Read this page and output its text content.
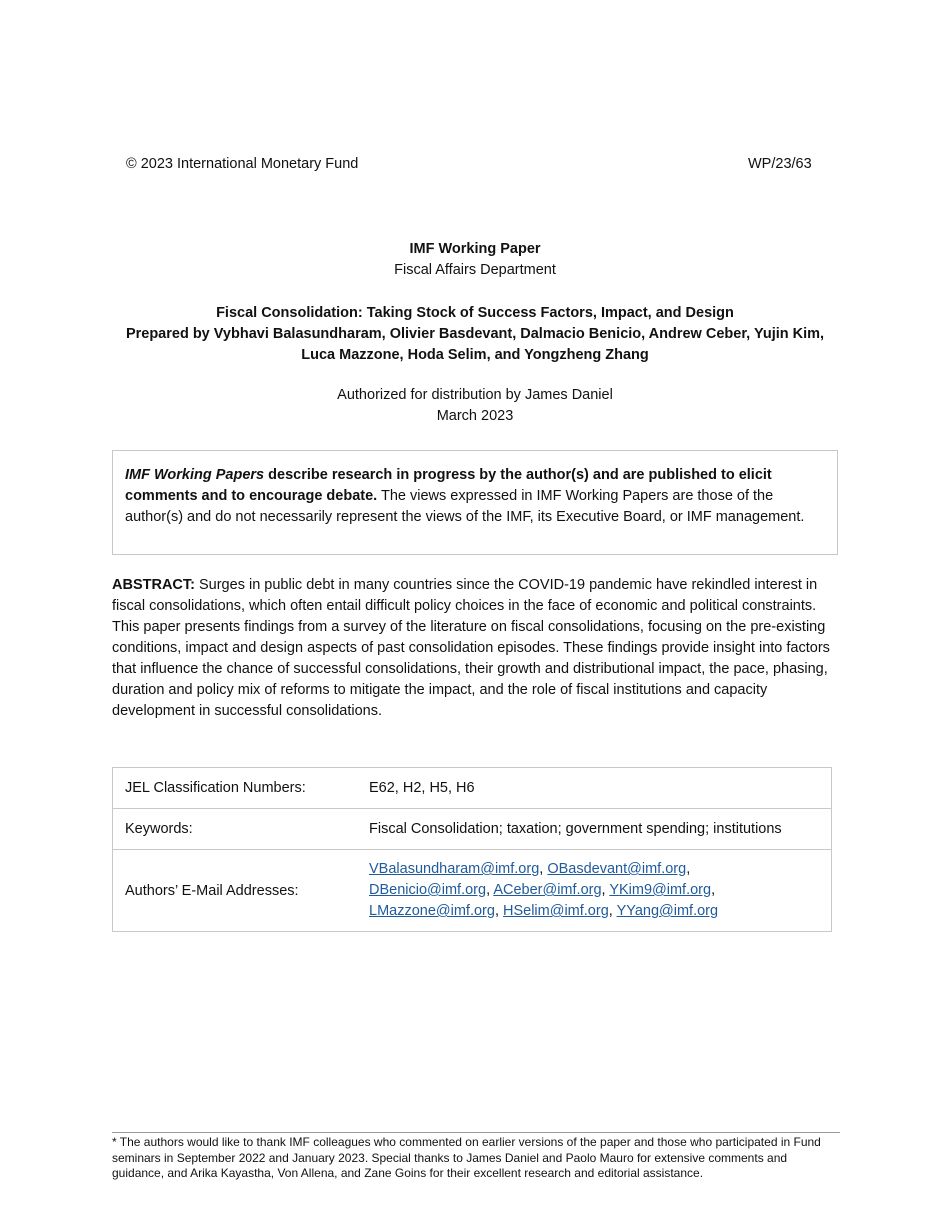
© 2023 International Monetary Fund	WP/23/63
IMF Working Paper
Fiscal Affairs Department
Fiscal Consolidation: Taking Stock of Success Factors, Impact, and Design
Prepared by Vybhavi Balasundharam, Olivier Basdevant, Dalmacio Benicio, Andrew Ceber, Yujin Kim,
Luca Mazzone, Hoda Selim, and Yongzheng Zhang
Authorized for distribution by James Daniel
March 2023
IMF Working Papers describe research in progress by the author(s) and are published to elicit comments and to encourage debate. The views expressed in IMF Working Papers are those of the author(s) and do not necessarily represent the views of the IMF, its Executive Board, or IMF management.
ABSTRACT: Surges in public debt in many countries since the COVID-19 pandemic have rekindled interest in fiscal consolidations, which often entail difficult policy choices in the face of economic and political constraints. This paper presents findings from a survey of the literature on fiscal consolidations, focusing on the pre-existing conditions, impact and design aspects of past consolidation episodes. These findings provide insight into factors that influence the chance of successful consolidations, their growth and distributional impact, the pace, phasing, duration and policy mix of reforms to mitigate the impact, and the role of fiscal institutions and capacity development in successful consolidations.
JEL Classification Numbers:	E62, H2, H5, H6
Keywords:	Fiscal Consolidation; taxation; government spending; institutions
Authors’ E-Mail Addresses:	VBalasundharam@imf.org, OBasdevant@imf.org,
DBenicio@imf.org, ACeber@imf.org, YKim9@imf.org,
LMazzone@imf.org, HSelim@imf.org, YYang@imf.org
* The authors would like to thank IMF colleagues who commented on earlier versions of the paper and those who participated in Fund seminars in September 2022 and January 2023. Special thanks to James Daniel and Paolo Mauro for extensive comments and guidance, and Arika Kayastha, Von Allena, and Zane Goins for their excellent research and editorial assistance.
